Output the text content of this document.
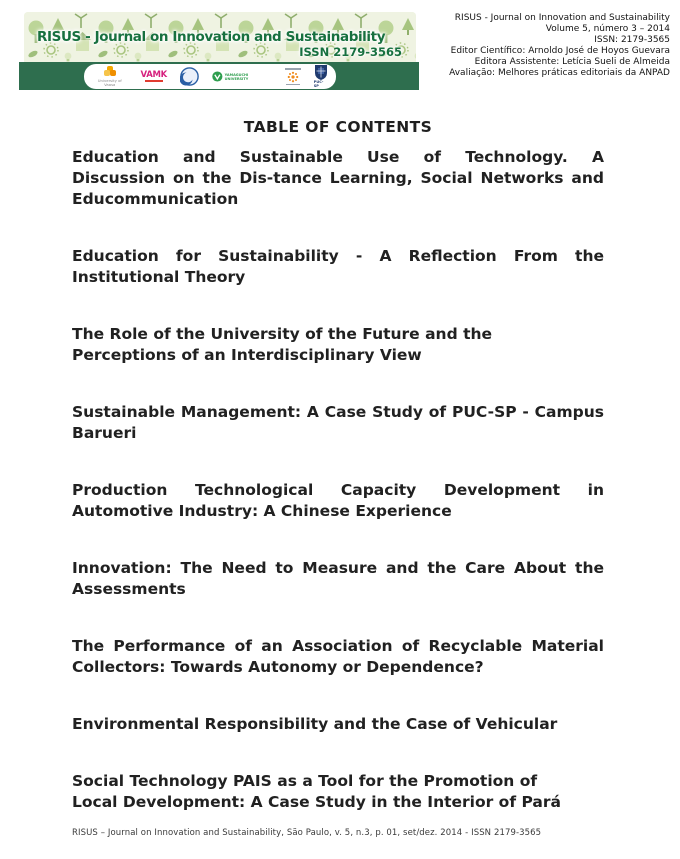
RISUS - Journal on Innovation and Sustainability
ISSN 2179-3565
University of Vaasa
VAMK	YAMAGUCHI UNIVERSITY
PUC-SP
RISUS - Journal on Innovation and Sustainability
Volume 5, número 3 – 2014
ISSN: 2179-3565
Editor Científico: Arnoldo José de Hoyos Guevara
Editora Assistente: Letícia Sueli de Almeida
Avaliação: Melhores práticas editoriais da ANPAD
TABLE OF CONTENTS
Education and Sustainable Use of Technology. A
Discussion on the Dis-tance Learning, Social Networks and
Educommunication
Education for Sustainability - A Reflection From the
Institutional Theory
The Role of the University of the Future and the
Perceptions of an Interdisciplinary View
Sustainable Management: A Case Study of PUC-SP - Campus
Barueri
Production Technological Capacity Development in
Automotive Industry: A Chinese Experience
Innovation: The Need to Measure and the Care About the
Assessments
The Performance of an Association of Recyclable Material
Collectors: Towards Autonomy or Dependence?
Environmental Responsibility and the Case of Vehicular
Social Technology PAIS as a Tool for the Promotion of
Local Development: A Case Study in the Interior of Pará
RISUS – Journal on Innovation and Sustainability, São Paulo, v. 5, n.3, p. 01, set/dez. 2014 - ISSN 2179-3565
